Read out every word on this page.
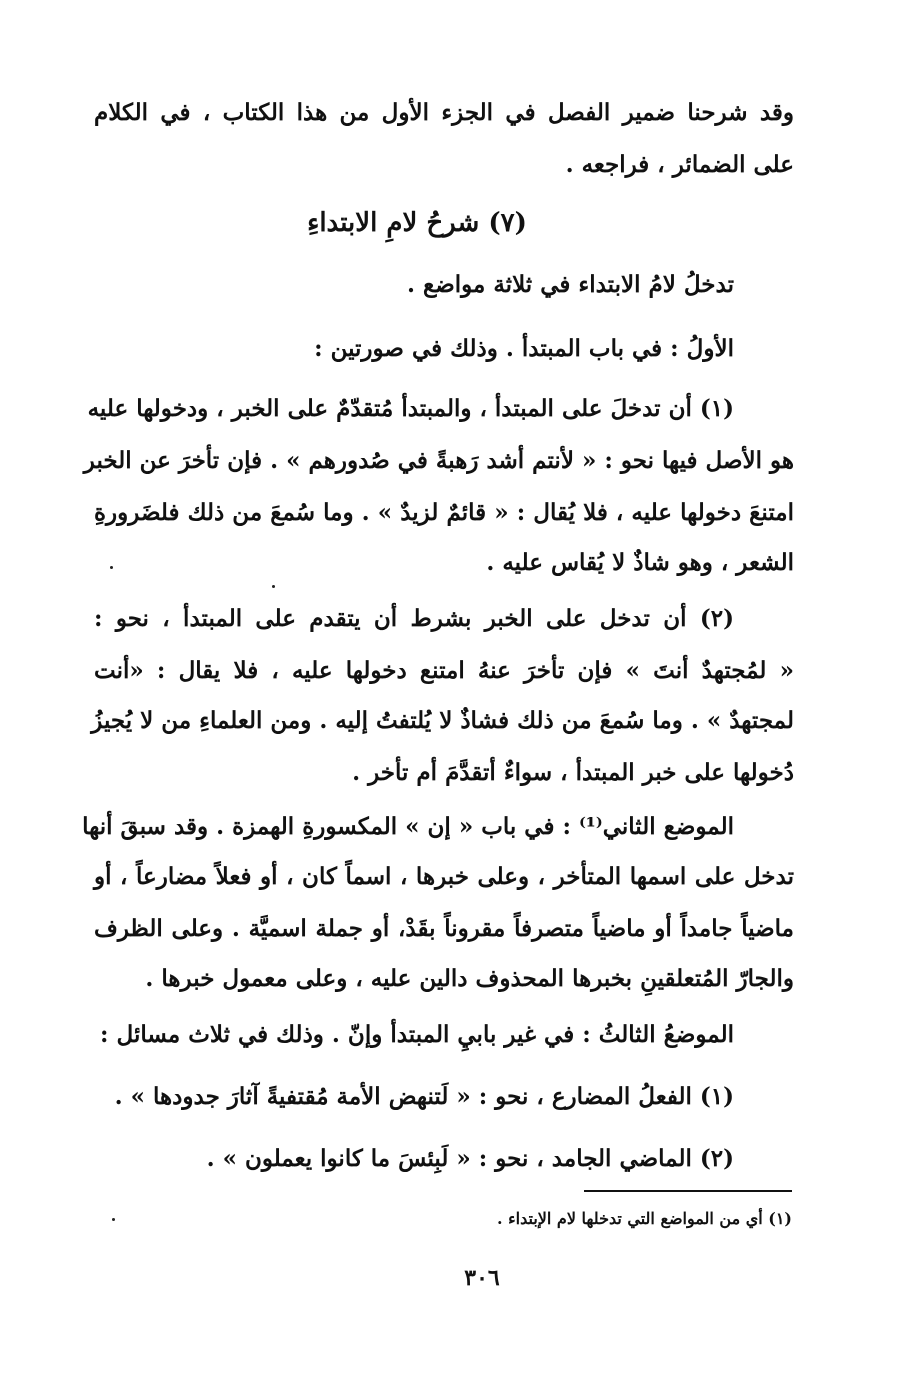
وقد شرحنا ضمير الفصل في الجزء الأول من هذا الكتاب ، في الكلام
على الضمائر ، فراجعه .
(٧) شرحُ لامِ الابتداءِ
تدخلُ لامُ الابتداء في ثلاثة مواضع .
الأولُ : في باب المبتدأ . وذلك في صورتين :
(١) أن تدخلَ على المبتدأ ، والمبتدأ مُتقدّمٌ على الخبر ، ودخولها عليه
هو الأصل فيها نحو : « لأنتم أشد رَهبةً في صُدورهم » . فإن تأخرَ عن الخبر
امتنعَ دخولها عليه ، فلا يُقال : « قائمٌ لزيدٌ » . وما سُمعَ من ذلك فلضَرورةِ
الشعر ، وهو شاذٌ لا يُقاس عليه .
(٢) أن تدخل على الخبر بشرط أن يتقدم على المبتدأ ، نحو :
« لمُجتهدٌ أنتَ » فإن تأخرَ عنهُ امتنع دخولها عليه ، فلا يقال : «أنت
لمجتهدٌ » . وما سُمعَ من ذلك فشاذٌ لا يُلتفتُ إليه . ومن العلماءِ من لا يُجيزُ
دُخولها على خبر المبتدأ ، سواءٌ أتقدَّمَ أم تأخر .
الموضع الثاني⁽¹⁾ : في باب « إن » المكسورةِ الهمزة . وقد سبقَ أنها
تدخل على اسمها المتأخر ، وعلى خبرها ، اسماً كان ، أو فعلاً مضارعاً ، أو
ماضياً جامداً أو ماضياً متصرفاً مقروناً بقَدْ، أو جملة اسميَّة . وعلى الظرف
والجارّ المُتعلقينِ بخبرها المحذوف دالين عليه ، وعلى معمول خبرها .
الموضعُ الثالثُ : في غير بابيِ المبتدأ وإنّ . وذلك في ثلاث مسائل :
(١) الفعلُ المضارع ، نحو : « لَتنهض الأمة مُقتفيةً آثارَ جدودها » .
(٢) الماضي الجامد ، نحو : « لَبِئسَ ما كانوا يعملون » .
(١) أي من المواضع التي تدخلها لام الإبتداء .
٣٠٦
